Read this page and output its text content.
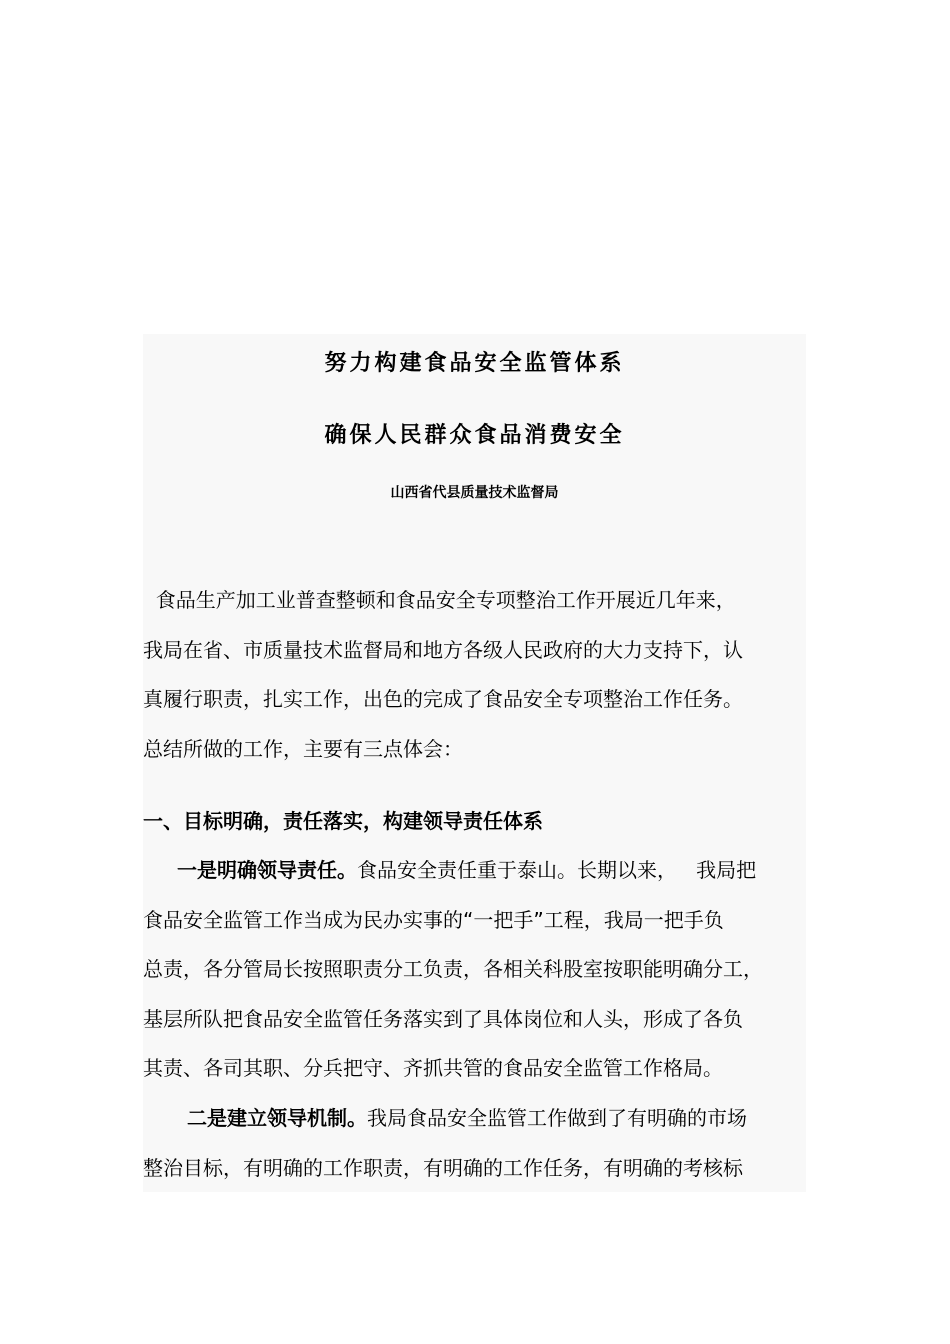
努力构建食品安全监管体系
确保人民群众食品消费安全
山西省代县质量技术监督局
食品生产加工业普查整顿和食品安全专项整治工作开展近几年来，
我局在省、市质量技术监督局和地方各级人民政府的大力支持下，认
真履行职责，扎实工作，出色的完成了食品安全专项整治工作任务。
总结所做的工作，主要有三点体会：
一、目标明确，责任落实，构建领导责任体系
一是明确领导责任。食品安全责任重于泰山。长期以来，   我局把
食品安全监管工作当成为民办实事的“一把手”工程，我局一把手负
总责，各分管局长按照职责分工负责，各相关科股室按职能明确分工，
基层所队把食品安全监管任务落实到了具体岗位和人头，形成了各负
其责、各司其职、分兵把守、齐抓共管的食品安全监管工作格局。
二是建立领导机制。我局食品安全监管工作做到了有明确的市场
整治目标，有明确的工作职责，有明确的工作任务，有明确的考核标
